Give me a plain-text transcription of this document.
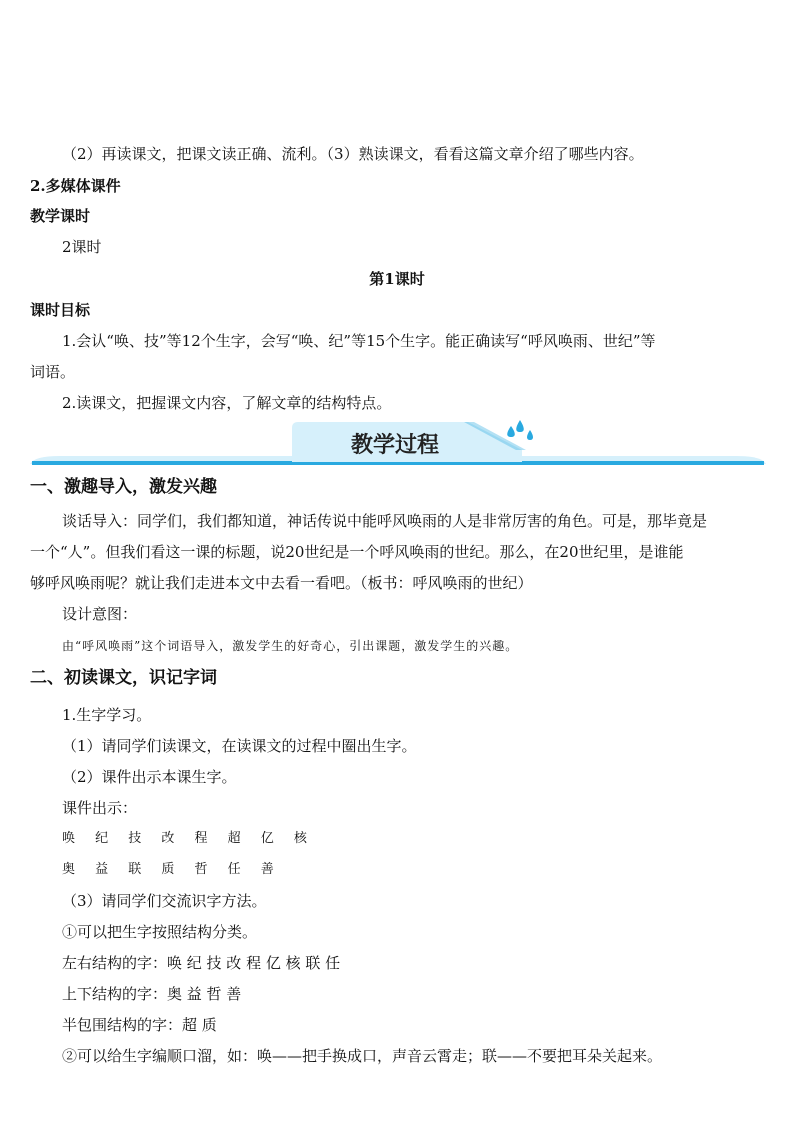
（2）再读课文，把课文读正确、流利。（3）熟读课文，看看这篇文章介绍了哪些内容。
2.多媒体课件
教学课时
2课时
第1课时
课时目标
1.会认“唤、技”等12个生字，会写“唤、纪”等15个生字。能正确读写“呼风唤雨、世纪”等
词语。
2.读课文，把握课文内容，了解文章的结构特点。
教学过程
一、激趣导入，激发兴趣
谈话导入：同学们，我们都知道，神话传说中能呼风唤雨的人是非常厉害的角色。可是，那毕竟是
一个“人”。但我们看这一课的标题，说20世纪是一个呼风唤雨的世纪。那么，在20世纪里，是谁能
够呼风唤雨呢？就让我们走进本文中去看一看吧。（板书：呼风唤雨的世纪）
设计意图：
由“呼风唤雨”这个词语导入，激发学生的好奇心，引出课题，激发学生的兴趣。
二、初读课文，识记字词
1.生字学习。
（1）请同学们读课文，在读课文的过程中圈出生字。
（2）课件出示本课生字。
课件出示：
唤 纪 技 改 程 超 亿 核
奥 益 联 质 哲 任 善
（3）请同学们交流识字方法。
①可以把生字按照结构分类。
左右结构的字：唤 纪 技 改 程 亿 核 联 任
上下结构的字：奥 益 哲 善
半包围结构的字：超 质
②可以给生字编顺口溜，如：唤——把手换成口，声音云霄走；联——不要把耳朵关起来。
